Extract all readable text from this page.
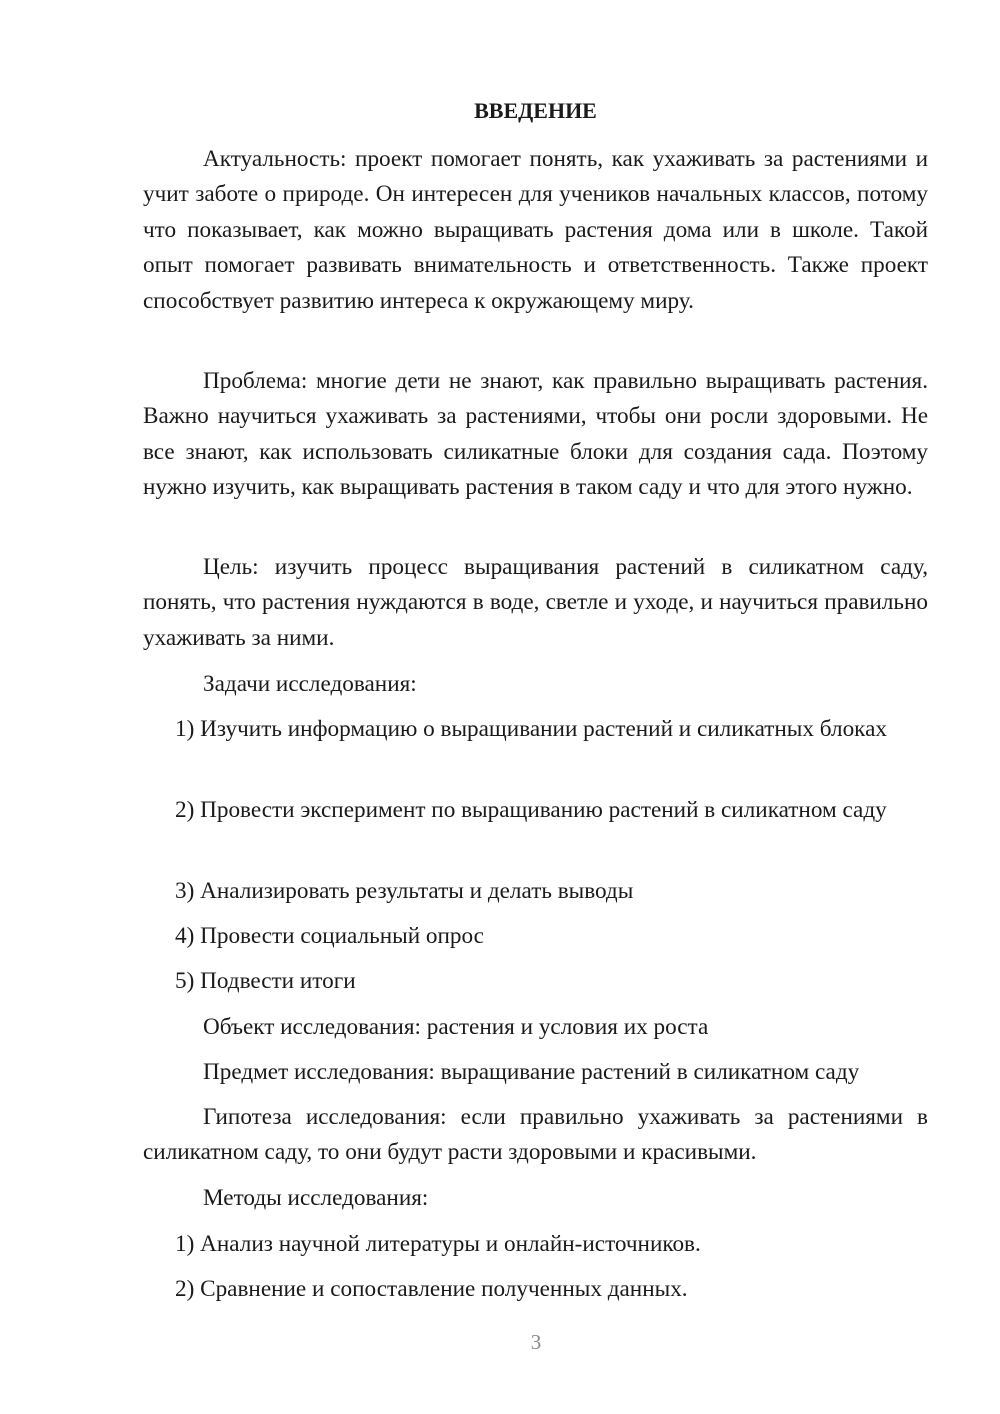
ВВЕДЕНИЕ

Актуальность: проект помогает понять, как ухаживать за растениями и учит заботе о природе. Он интересен для учеников начальных классов, потому что показывает, как можно выращивать растения дома или в школе. Такой опыт помогает развивать внимательность и ответственность. Также проект способствует развитию интереса к окружающему миру.

Проблема: многие дети не знают, как правильно выращивать растения. Важно научиться ухаживать за растениями, чтобы они росли здоровыми. Не все знают, как использовать силикатные блоки для создания сада. Поэтому нужно изучить, как выращивать растения в таком саду и что для этого нужно.

Цель: изучить процесс выращивания растений в силикатном саду, понять, что растения нуждаются в воде, светле и уходе, и научиться правильно ухаживать за ними.

Задачи исследования:

1) Изучить информацию о выращивании растений и силикатных блоках

2) Провести эксперимент по выращиванию растений в силикатном саду

3) Анализировать результаты и делать выводы

4) Провести социальный опрос

5) Подвести итоги

Объект исследования: растения и условия их роста

Предмет исследования: выращивание растений в силикатном саду

Гипотеза исследования: если правильно ухаживать за растениями в силикатном саду, то они будут расти здоровыми и красивыми.

Методы исследования:

1) Анализ научной литературы и онлайн-источников.

2) Сравнение и сопоставление полученных данных.

3
